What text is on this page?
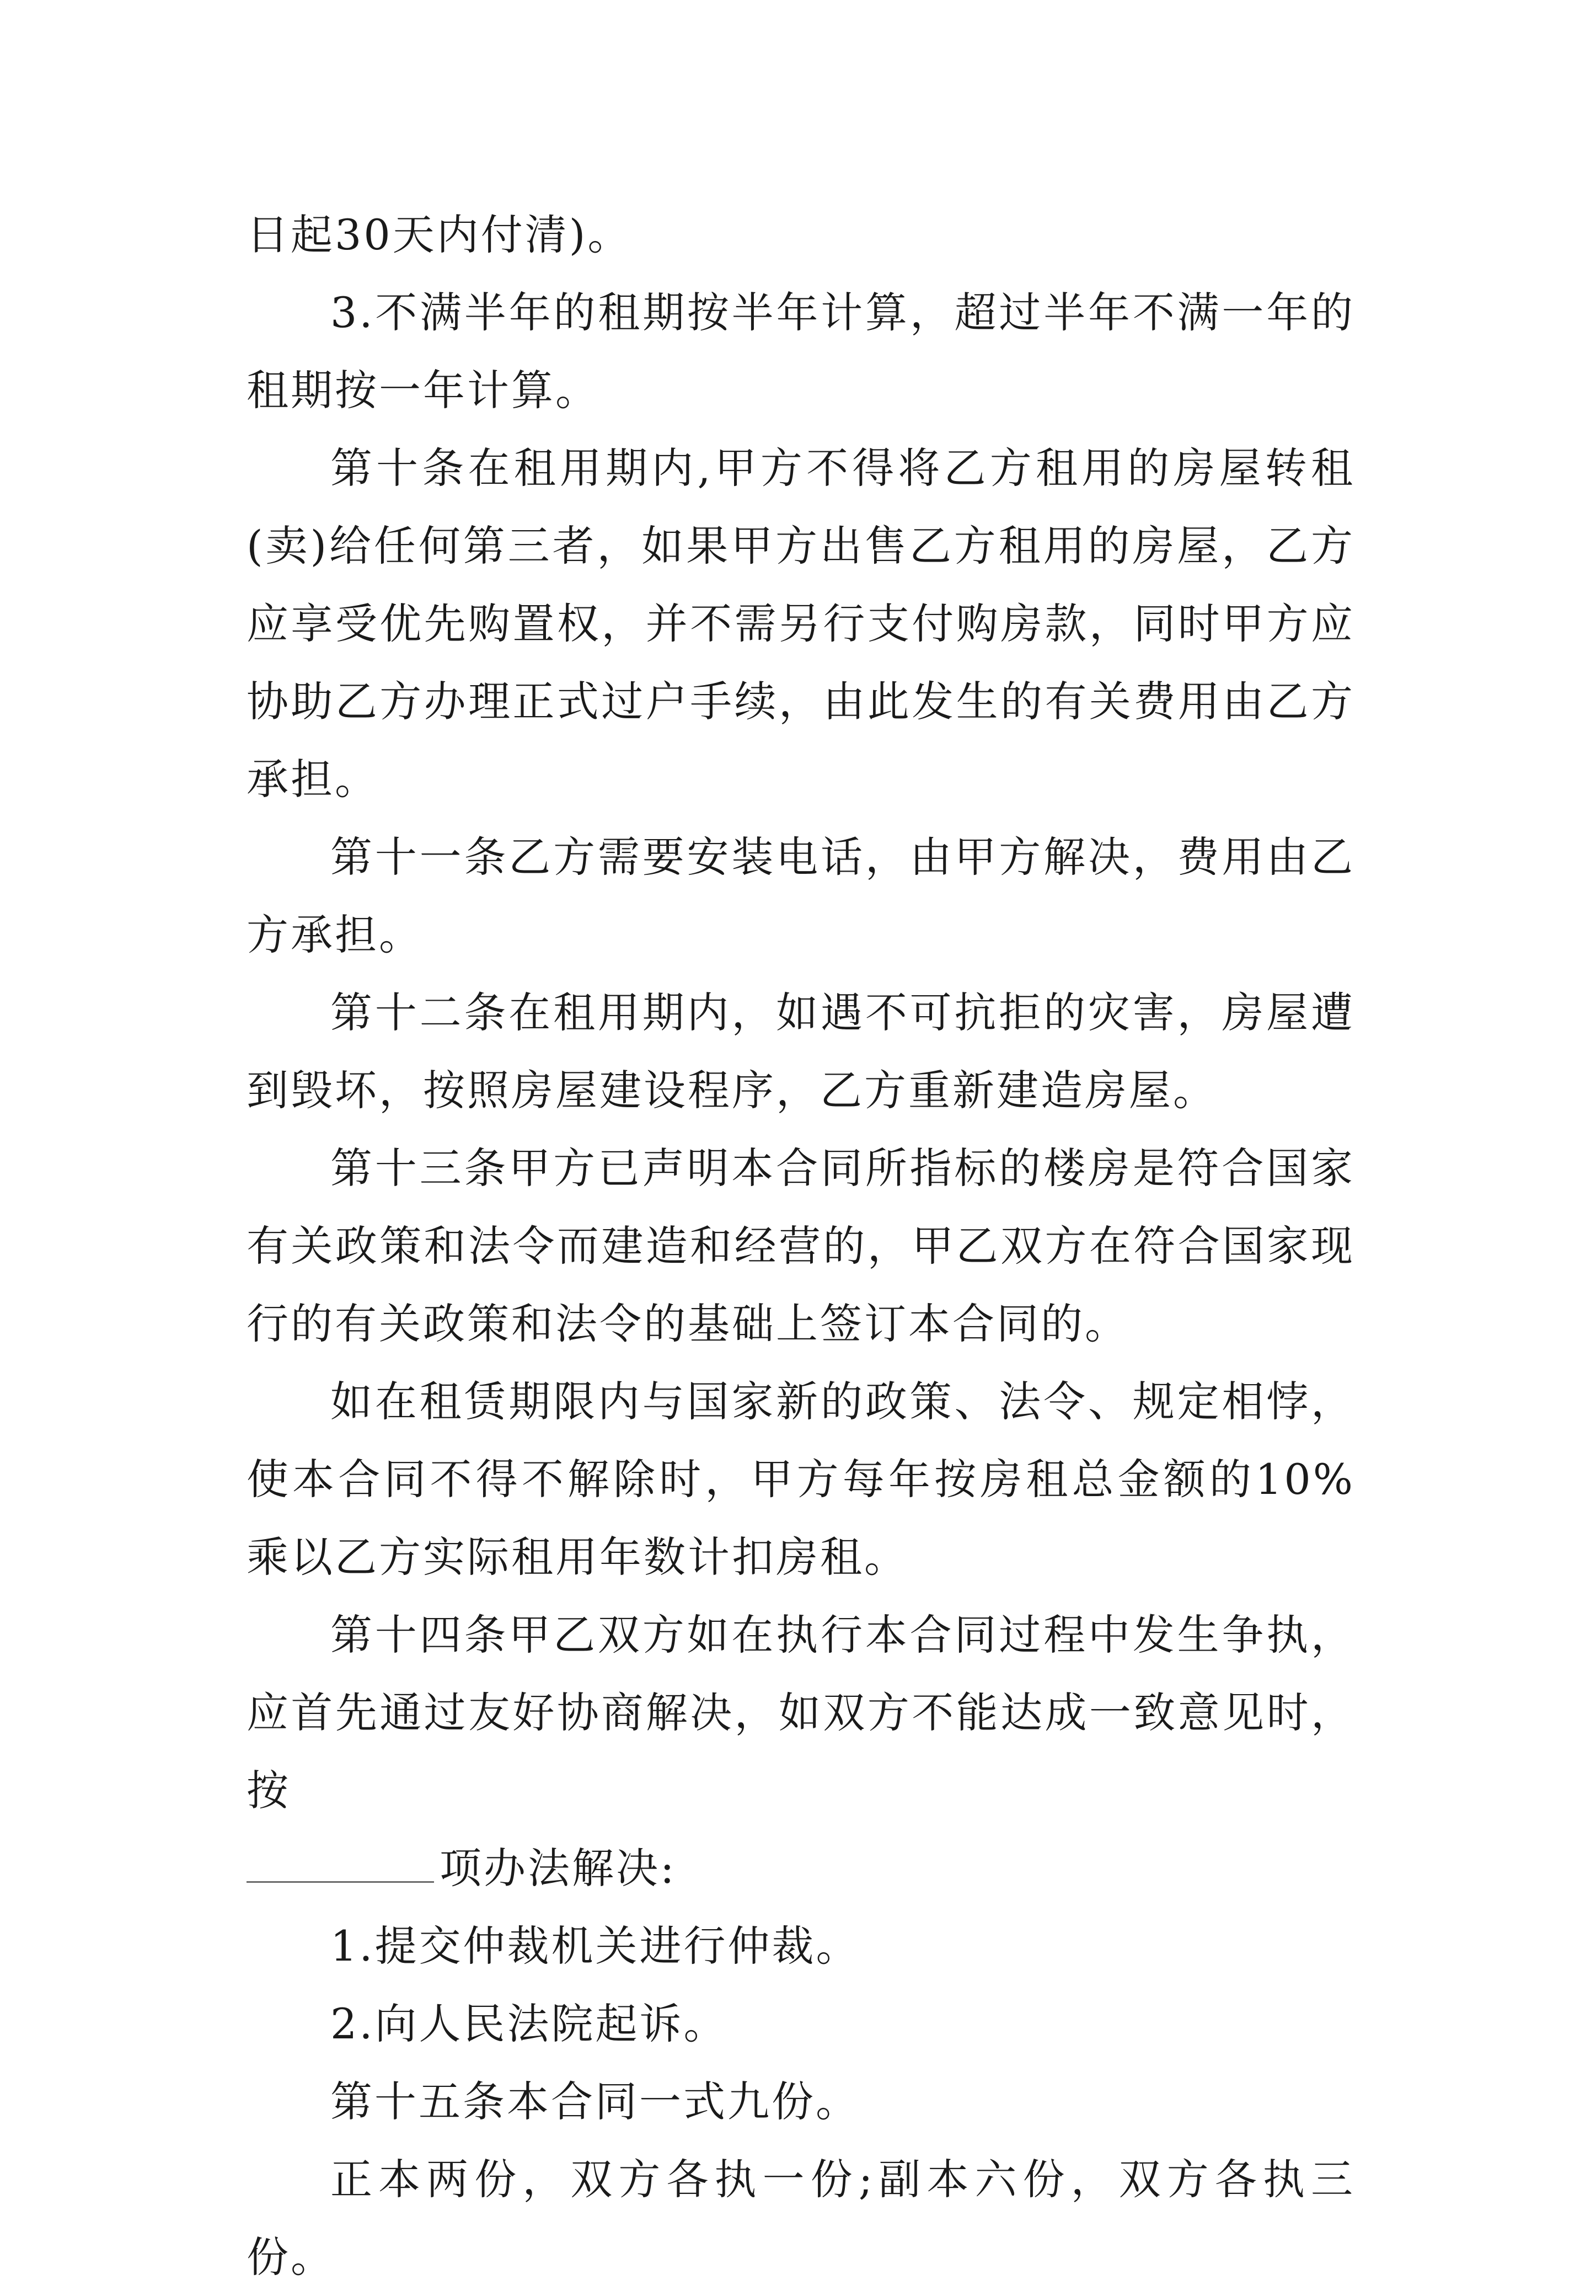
日起30天内付清)。

3.不满半年的租期按半年计算，超过半年不满一年的租期按一年计算。

第十条在租用期内,甲方不得将乙方租用的房屋转租(卖)给任何第三者，如果甲方出售乙方租用的房屋，乙方应享受优先购置权，并不需另行支付购房款，同时甲方应协助乙方办理正式过户手续，由此发生的有关费用由乙方承担。

第十一条乙方需要安装电话，由甲方解决，费用由乙方承担。

第十二条在租用期内，如遇不可抗拒的灾害，房屋遭到毁坏，按照房屋建设程序，乙方重新建造房屋。

第十三条甲方已声明本合同所指标的楼房是符合国家有关政策和法令而建造和经营的，甲乙双方在符合国家现行的有关政策和法令的基础上签订本合同的。

如在租赁期限内与国家新的政策、法令、规定相悖，使本合同不得不解除时，甲方每年按房租总金额的10%乘以乙方实际租用年数计扣房租。

第十四条甲乙双方如在执行本合同过程中发生争执，应首先通过友好协商解决，如双方不能达成一致意见时，按

项办法解决:

1.提交仲裁机关进行仲裁。

2.向人民法院起诉。

第十五条本合同一式九份。

正本两份，双方各执一份;副本六份，双方各执三份。
